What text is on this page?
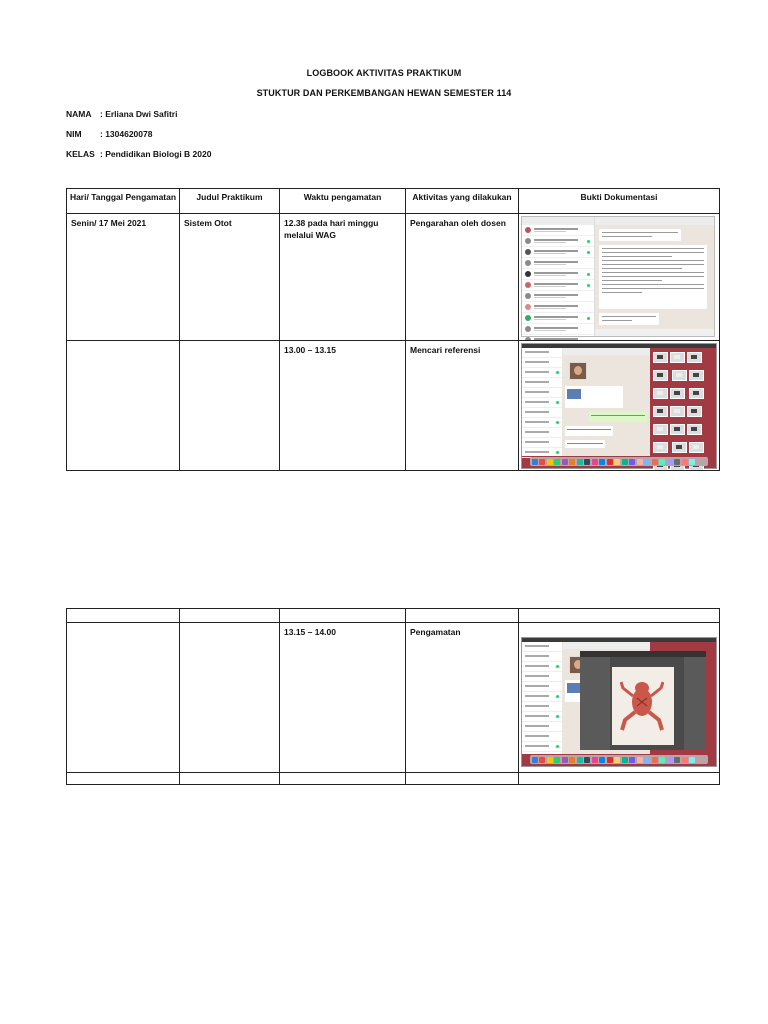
LOGBOOK AKTIVITAS PRAKTIKUM
STUKTUR DAN PERKEMBANGAN HEWAN SEMESTER 114
NAMA : Erliana Dwi Safitri
NIM : 1304620078
KELAS : Pendidikan Biologi B 2020
Hari/ Tanggal Pengamatan	Judul Praktikum	Waktu pengamatan	Aktivitas yang dilakukan	Bukti Dokumentasi
Senin/ 17 Mei 2021	Sistem Otot	12.38 pada hari minggu melalui WAG	Pengarahan oleh dosen	

		13.00 – 13.15	Mencari referensi	

		13.15 – 14.00	Pengamatan	
